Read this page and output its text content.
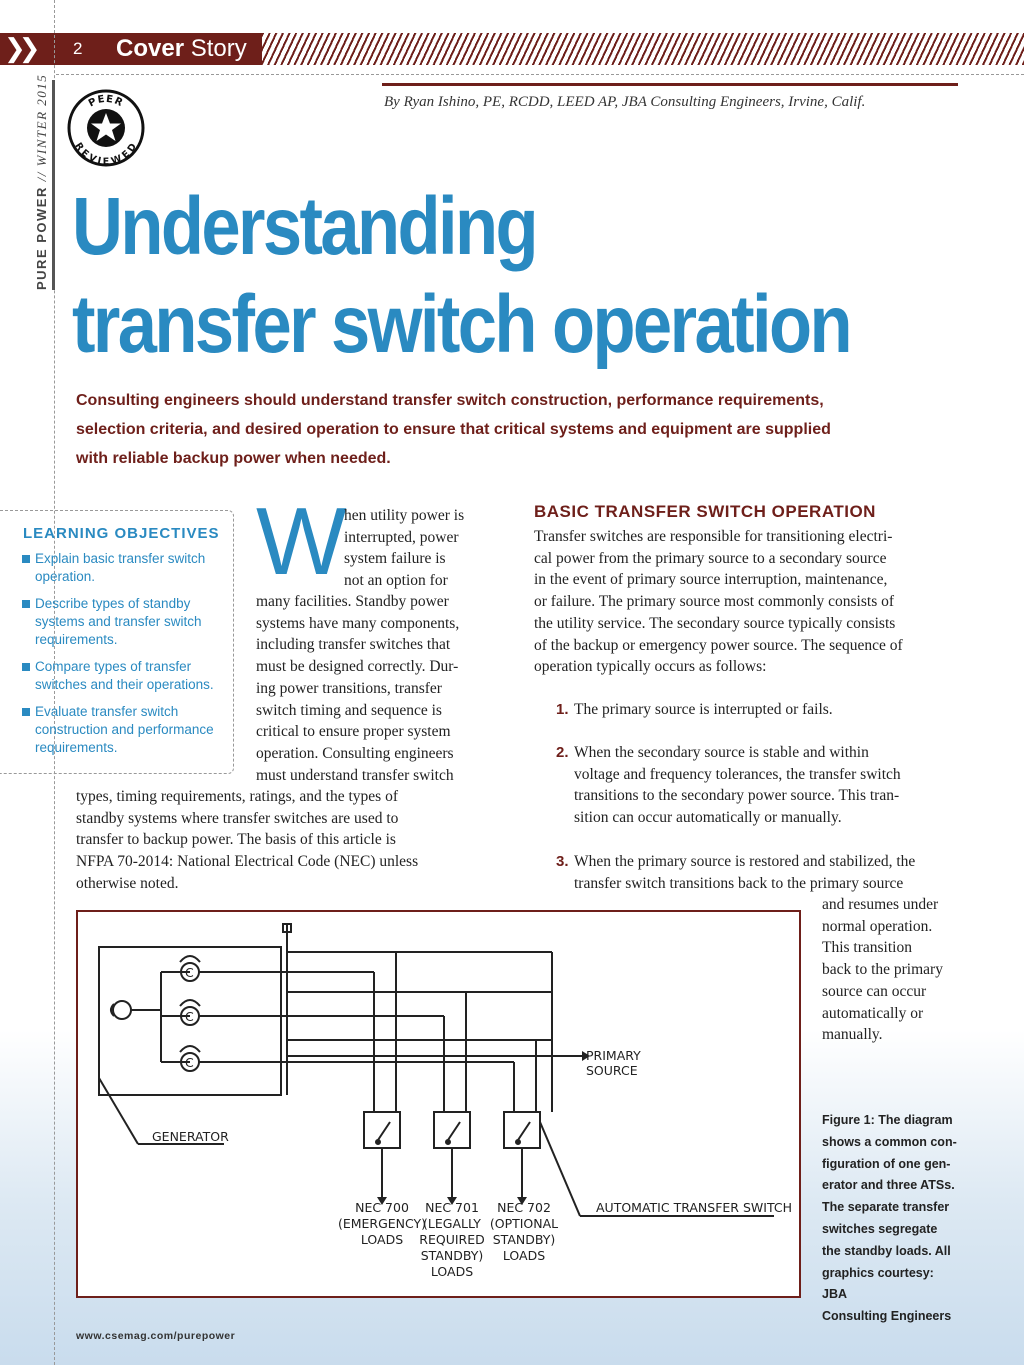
❯❯ 2 Cover Story
PURE POWER // WINTER 2015	By Ryan Ishino, PE, RCDD, LEED AP, JBA Consulting Engineers, Irvine, Calif.
PEER
REVIEWED
Understanding
transfer switch operation
Consulting engineers should understand transfer switch construction, performance requirements,
selection criteria, and desired operation to ensure that critical systems and equipment are supplied
with reliable backup power when needed.
LEARNING OBJECTIVES
Explain basic transfer switch operation.
Describe types of standby systems and transfer switch requirements.
Compare types of transfer switches and their operations.
Evaluate transfer switch construction and performance requirements.
W
hen utility power is
interrupted, power
system failure is
not an option for
many facilities. Standby power
systems have many components,
including transfer switches that
must be designed correctly. Dur-
ing power transitions, transfer
switch timing and sequence is
critical to ensure proper system
operation. Consulting engineers
must understand transfer switch
types, timing requirements, ratings, and the types of
standby systems where transfer switches are used to
transfer to backup power. The basis of this article is
NFPA 70-2014: National Electrical Code (NEC) unless
otherwise noted.
BASIC TRANSFER SWITCH OPERATION
Transfer switches are responsible for transitioning electri-
cal power from the primary source to a secondary source
in the event of primary source interruption, maintenance,
or failure. The primary source most commonly consists of
the utility service. The secondary source typically consists
of the backup or emergency power source. The sequence of
operation typically occurs as follows:
1. The primary source is interrupted or fails.
2. When the secondary source is stable and within
voltage and frequency tolerances, the transfer switch
transitions to the secondary power source. This tran-
sition can occur automatically or manually.
3. When the primary source is restored and stabilized, the
transfer switch transitions back to the primary source
and resumes under
normal operation.
This transition
back to the primary
source can occur
automatically or
manually.
C
C
C	PRIMARY
SOURCE
GENERATOR
AUTOMATIC TRANSFER SWITCH
NEC 700
(EMERGENCY)
LOADS
NEC 701
(LEGALLY
REQUIRED
STANDBY)
LOADS
NEC 702
(OPTIONAL
STANDBY)
LOADS
Figure 1: The diagram
shows a common con-
figuration of one gen-
erator and three ATSs.
The separate transfer
switches segregate
the standby loads. All
graphics courtesy: JBA
Consulting Engineers
www.csemag.com/purepower
